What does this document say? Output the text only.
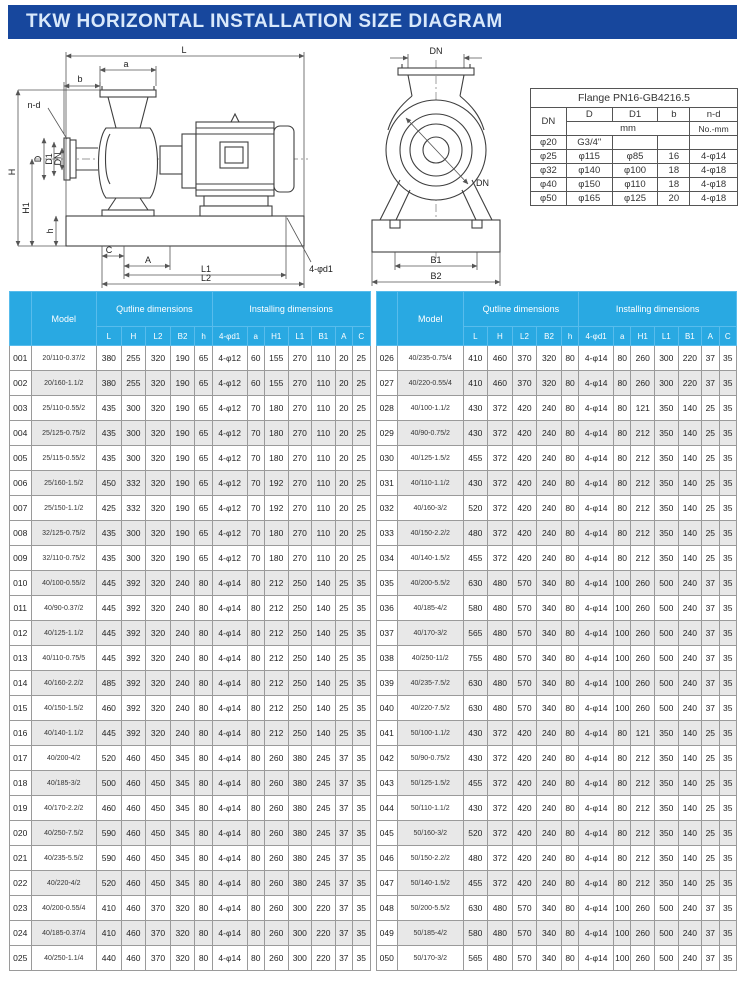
TKW HORIZONTAL INSTALLATION SIZE DIAGRAM
L
a
b
n-d
H
H1
D D1 DN
h
C
A
L1
L2
4-φd1
DN
DN
B1
B2
Flange PN16-GB4216.5				
DN	D	D1	b	n-d
	mm			No.-mm
φ20	G3/4"			
φ25	φ115	φ85	16	4-φ14
φ32	φ140	φ100	18	4-φ18
φ40	φ150	φ110	18	4-φ18
φ50	φ165	φ125	20	4-φ18
	Model	Qutline dimensions					Installing dimensions						
		L	H	L2	B2	h	4-φd1	a	H1	L1	B1	A	C
001	20/110-0.37/2	380	255	320	190	65	4-φ12	60	155	270	110	20	25
002	20/160-1.1/2	380	255	320	190	65	4-φ12	60	155	270	110	20	25
003	25/110-0.55/2	435	300	320	190	65	4-φ12	70	180	270	110	20	25
004	25/125-0.75/2	435	300	320	190	65	4-φ12	70	180	270	110	20	25
005	25/115-0.55/2	435	300	320	190	65	4-φ12	70	180	270	110	20	25
006	25/160-1.5/2	450	332	320	190	65	4-φ12	70	192	270	110	20	25
007	25/150-1.1/2	425	332	320	190	65	4-φ12	70	192	270	110	20	25
008	32/125-0.75/2	435	300	320	190	65	4-φ12	70	180	270	110	20	25
009	32/110-0.75/2	435	300	320	190	65	4-φ12	70	180	270	110	20	25
010	40/100-0.55/2	445	392	320	240	80	4-φ14	80	212	250	140	25	35
011	40/90-0.37/2	445	392	320	240	80	4-φ14	80	212	250	140	25	35
012	40/125-1.1/2	445	392	320	240	80	4-φ14	80	212	250	140	25	35
013	40/110-0.75/5	445	392	320	240	80	4-φ14	80	212	250	140	25	35
014	40/160-2.2/2	485	392	320	240	80	4-φ14	80	212	250	140	25	35
015	40/150-1.5/2	460	392	320	240	80	4-φ14	80	212	250	140	25	35
016	40/140-1.1/2	445	392	320	240	80	4-φ14	80	212	250	140	25	35
017	40/200-4/2	520	460	450	345	80	4-φ14	80	260	380	245	37	35
018	40/185-3/2	500	460	450	345	80	4-φ14	80	260	380	245	37	35
019	40/170-2.2/2	460	460	450	345	80	4-φ14	80	260	380	245	37	35
020	40/250-7.5/2	590	460	450	345	80	4-φ14	80	260	380	245	37	35
021	40/235-5.5/2	590	460	450	345	80	4-φ14	80	260	380	245	37	35
022	40/220-4/2	520	460	450	345	80	4-φ14	80	260	380	245	37	35
023	40/200-0.55/4	410	460	370	320	80	4-φ14	80	260	300	220	37	35
024	40/185-0.37/4	410	460	370	320	80	4-φ14	80	260	300	220	37	35
025	40/250-1.1/4	440	460	370	320	80	4-φ14	80	260	300	220	37	35
	Model	Qutline dimensions					Installing dimensions						
		L	H	L2	B2	h	4-φd1	a	H1	L1	B1	A	C
026	40/235-0.75/4	410	460	370	320	80	4-φ14	80	260	300	220	37	35
027	40/220-0.55/4	410	460	370	320	80	4-φ14	80	260	300	220	37	35
028	40/100-1.1/2	430	372	420	240	80	4-φ14	80	121	350	140	25	35
029	40/90-0.75/2	430	372	420	240	80	4-φ14	80	212	350	140	25	35
030	40/125-1.5/2	455	372	420	240	80	4-φ14	80	212	350	140	25	35
031	40/110-1.1/2	430	372	420	240	80	4-φ14	80	212	350	140	25	35
032	40/160-3/2	520	372	420	240	80	4-φ14	80	212	350	140	25	35
033	40/150-2.2/2	480	372	420	240	80	4-φ14	80	212	350	140	25	35
034	40/140-1.5/2	455	372	420	240	80	4-φ14	80	212	350	140	25	35
035	40/200-5.5/2	630	480	570	340	80	4-φ14	100	260	500	240	37	35
036	40/185-4/2	580	480	570	340	80	4-φ14	100	260	500	240	37	35
037	40/170-3/2	565	480	570	340	80	4-φ14	100	260	500	240	37	35
038	40/250-11/2	755	480	570	340	80	4-φ14	100	260	500	240	37	35
039	40/235-7.5/2	630	480	570	340	80	4-φ14	100	260	500	240	37	35
040	40/220-7.5/2	630	480	570	340	80	4-φ14	100	260	500	240	37	35
041	50/100-1.1/2	430	372	420	240	80	4-φ14	80	121	350	140	25	35
042	50/90-0.75/2	430	372	420	240	80	4-φ14	80	212	350	140	25	35
043	50/125-1.5/2	455	372	420	240	80	4-φ14	80	212	350	140	25	35
044	50/110-1.1/2	430	372	420	240	80	4-φ14	80	212	350	140	25	35
045	50/160-3/2	520	372	420	240	80	4-φ14	80	212	350	140	25	35
046	50/150-2.2/2	480	372	420	240	80	4-φ14	80	212	350	140	25	35
047	50/140-1.5/2	455	372	420	240	80	4-φ14	80	212	350	140	25	35
048	50/200-5.5/2	630	480	570	340	80	4-φ14	100	260	500	240	37	35
049	50/185-4/2	580	480	570	340	80	4-φ14	100	260	500	240	37	35
050	50/170-3/2	565	480	570	340	80	4-φ14	100	260	500	240	37	35
